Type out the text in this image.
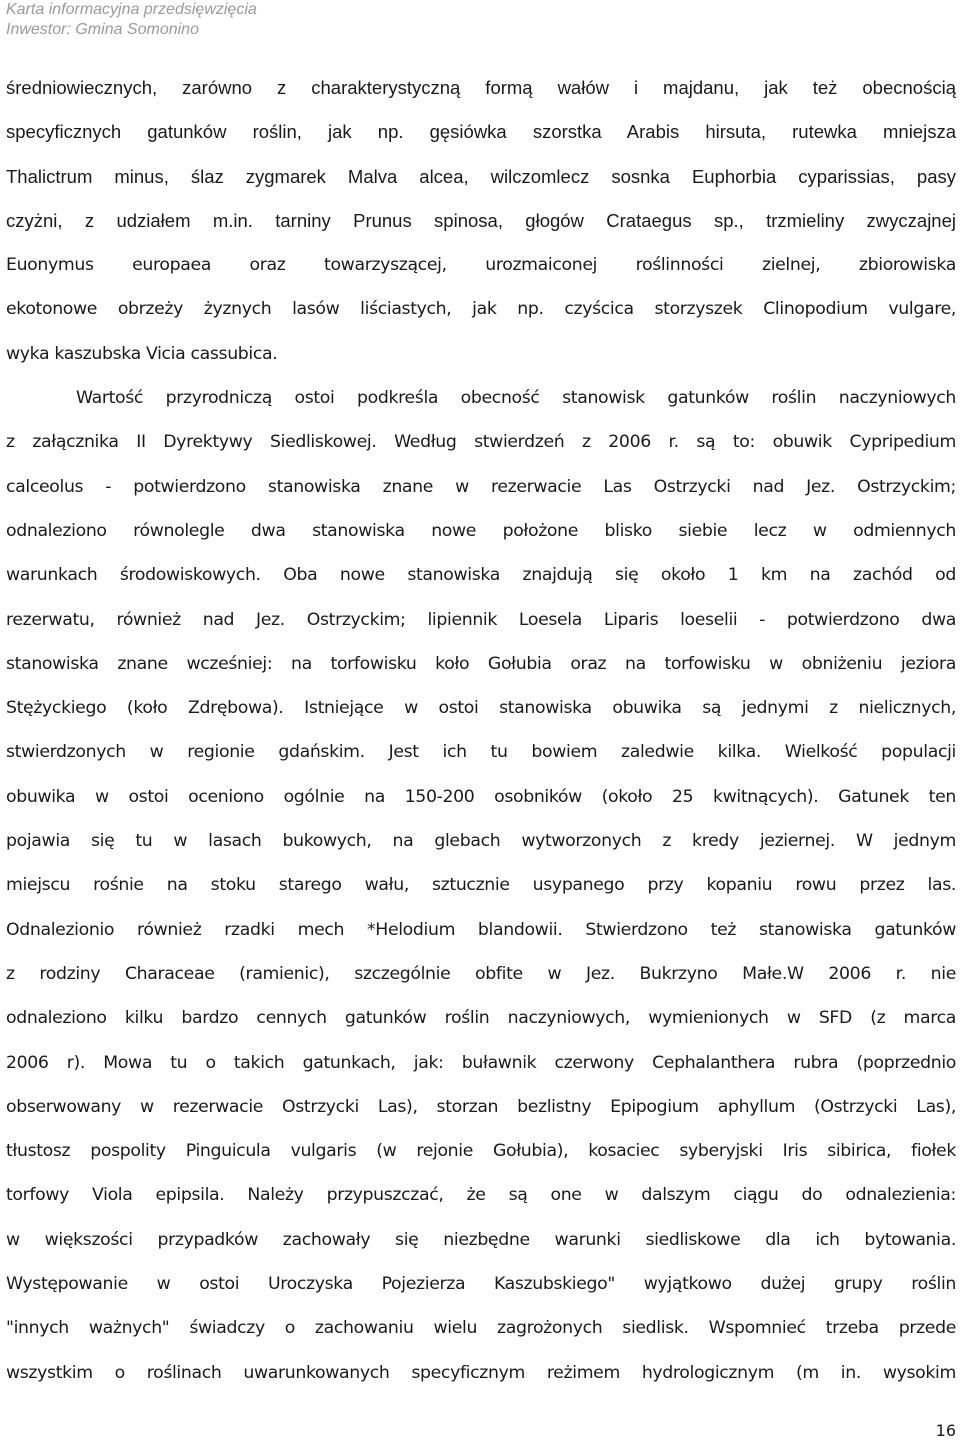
Karta informacyjna przedsięwzięcia
Inwestor: Gmina Somonino
średniowiecznych, zarówno z charakterystyczną formą wałów i majdanu, jak też obecnością
specyficznych gatunków roślin, jak np. gęsiówka szorstka Arabis hirsuta, rutewka mniejsza
Thalictrum minus, ślaz zygmarek Malva alcea, wilczomlecz sosnka Euphorbia cyparissias, pasy
czyżni, z udziałem m.in. tarniny Prunus spinosa, głogów Crataegus sp., trzmieliny zwyczajnej
Euonymus europaea oraz towarzyszącej, urozmaiconej roślinności zielnej, zbiorowiska
ekotonowe obrzeży żyznych lasów liściastych, jak np. czyścica storzyszek Clinopodium vulgare,
wyka kaszubska Vicia cassubica.
Wartość przyrodniczą ostoi podkreśla obecność stanowisk gatunków roślin naczyniowych
z załącznika II Dyrektywy Siedliskowej. Według stwierdzeń z 2006 r. są to: obuwik Cypripedium
calceolus - potwierdzono stanowiska znane w rezerwacie Las Ostrzycki nad Jez. Ostrzyckim;
odnaleziono równolegle dwa stanowiska nowe położone blisko siebie lecz w odmiennych
warunkach środowiskowych. Oba nowe stanowiska znajdują się około 1 km na zachód od
rezerwatu, również nad Jez. Ostrzyckim; lipiennik Loesela Liparis loeselii - potwierdzono dwa
stanowiska znane wcześniej: na torfowisku koło Gołubia oraz na torfowisku w obniżeniu jeziora
Stężyckiego (koło Zdrębowa). Istniejące w ostoi stanowiska obuwika są jednymi z nielicznych,
stwierdzonych w regionie gdańskim. Jest ich tu bowiem zaledwie kilka. Wielkość populacji
obuwika w ostoi oceniono ogólnie na 150-200 osobników (około 25 kwitnących). Gatunek ten
pojawia się tu w lasach bukowych, na glebach wytworzonych z kredy jeziernej. W jednym
miejscu rośnie na stoku starego wału, sztucznie usypanego przy kopaniu rowu przez las.
Odnalezionio również rzadki mech *Helodium blandowii. Stwierdzono też stanowiska gatunków
z rodziny Characeae (ramienic), szczególnie obfite w Jez. Bukrzyno Małe.W 2006 r. nie
odnaleziono kilku bardzo cennych gatunków roślin naczyniowych, wymienionych w SFD (z marca
2006 r). Mowa tu o takich gatunkach, jak: buławnik czerwony Cephalanthera rubra (poprzednio
obserwowany w rezerwacie Ostrzycki Las), storzan bezlistny Epipogium aphyllum (Ostrzycki Las),
tłustosz pospolity Pinguicula vulgaris (w rejonie Gołubia), kosaciec syberyjski Iris sibirica, fiołek
torfowy Viola epipsila. Należy przypuszczać, że są one w dalszym ciągu do odnalezienia:
w większości przypadków zachowały się niezbędne warunki siedliskowe dla ich bytowania.
Występowanie w ostoi Uroczyska Pojezierza Kaszubskiego" wyjątkowo dużej grupy roślin
"innych ważnych" świadczy o zachowaniu wielu zagrożonych siedlisk. Wspomnieć trzeba przede
wszystkim o roślinach uwarunkowanych specyficznym reżimem hydrologicznym (m in. wysokim
16
